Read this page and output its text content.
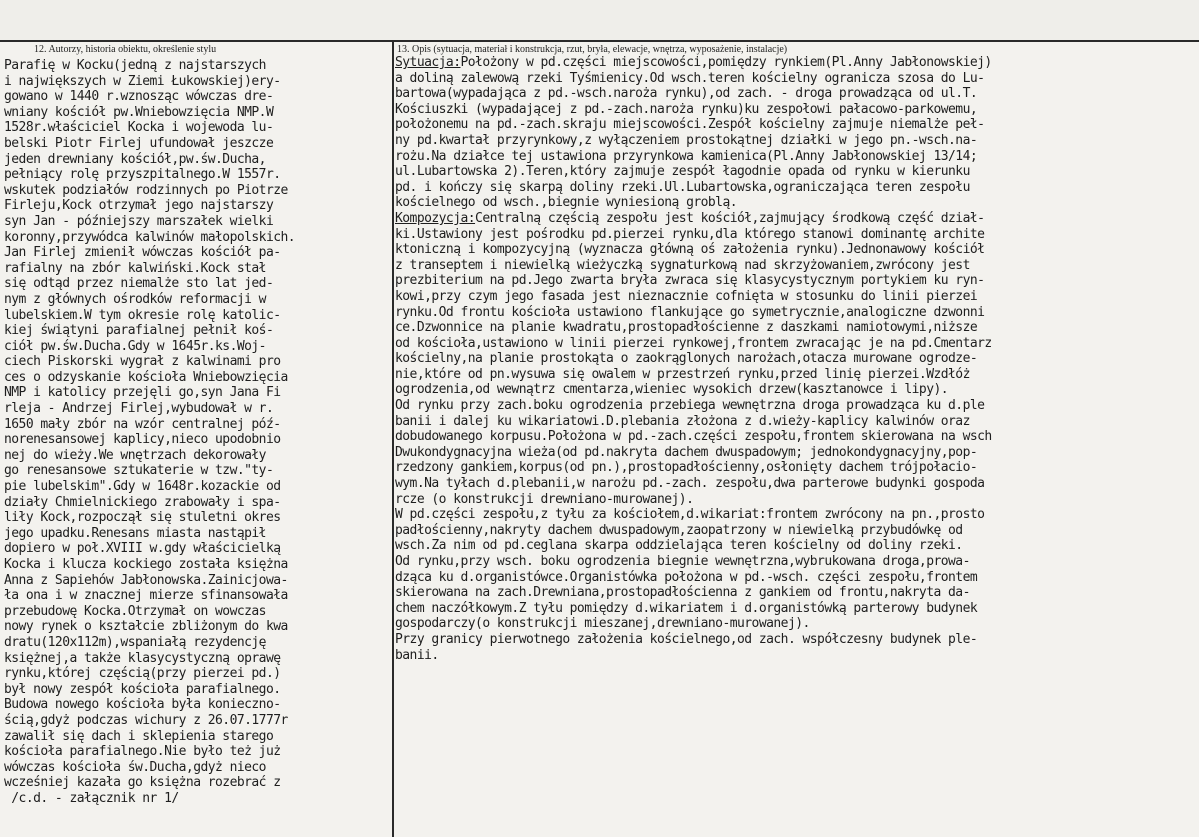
12. Autorzy, historia obiektu, określenie stylu	13. Opis (sytuacja, materiał i konstrukcja, rzut, bryła, elewacje, wnętrza, wyposażenie, instalacje)
Parafię w Kocku(jedną z najstarszych
i największych w Ziemi Łukowskiej)ery-
gowano w 1440 r.wznosząc wówczas dre-
wniany kościół pw.Wniebowzięcia NMP.W
1528r.właściciel Kocka i wojewoda lu-
belski Piotr Firlej ufundował jeszcze
jeden drewniany kościół,pw.św.Ducha,
pełniący rolę przyszpitalnego.W 1557r.
wskutek podziałów rodzinnych po Piotrze
Firleju,Kock otrzymał jego najstarszy
syn Jan - późniejszy marszałek wielki
koronny,przywódca kalwinów małopolskich.
Jan Firlej zmienił wówczas kościół pa-
rafialny na zbór kalwiński.Kock stał
się odtąd przez niemalże sto lat jed-
nym z głównych ośrodków reformacji w
lubelskiem.W tym okresie rolę katolic-
kiej świątyni parafialnej pełnił koś-
ciół pw.św.Ducha.Gdy w 1645r.ks.Woj-
ciech Piskorski wygrał z kalwinami pro
ces o odzyskanie kościoła Wniebowzięcia
NMP i katolicy przejęli go,syn Jana Fi
rleja - Andrzej Firlej,wybudował w r.
1650 mały zbór na wzór centralnej póź-
norenesansowej kaplicy,nieco upodobnio
nej do wieży.We wnętrzach dekorowały
go renesansowe sztukaterie w tzw."ty-
pie lubelskim".Gdy w 1648r.kozackie od
działy Chmielnickiego zrabowały i spa-
liły Kock,rozpoczął się stuletni okres
jego upadku.Renesans miasta nastąpił
dopiero w poł.XVIII w.gdy właścicielką
Kocka i klucza kockiego została księżna
Anna z Sapiehów Jabłonowska.Zainicjowa-
ła ona i w znacznej mierze sfinansowała
przebudowę Kocka.Otrzymał on wowczas
nowy rynek o kształcie zbliżonym do kwa
dratu(120x112m),wspaniałą rezydencję
księżnej,a także klasycystyczną oprawę
rynku,której częścią(przy pierzei pd.)
był nowy zespół kościoła parafialnego.
Budowa nowego kościoła była konieczno-
ścią,gdyż podczas wichury z 26.07.1777r
zawalił się dach i sklepienia starego
kościoła parafialnego.Nie było też już
wówczas kościoła św.Ducha,gdyż nieco
wcześniej kazała go księżna rozebrać z
/c.d. - załącznik nr 1/
Sytuacja:Położony w pd.części miejscowości,pomiędzy rynkiem(Pl.Anny Jabłonowskiej)
a doliną zalewową rzeki Tyśmienicy.Od wsch.teren kościelny ogranicza szosa do Lu-
bartowa(wypadająca z pd.-wsch.naroża rynku),od zach. - droga prowadząca od ul.T.
Kościuszki (wypadającej z pd.-zach.naroża rynku)ku zespołowi pałacowo-parkowemu,
położonemu na pd.-zach.skraju miejscowości.Zespół kościelny zajmuje niemalże peł-
ny pd.kwartał przyrynkowy,z wyłączeniem prostokątnej działki w jego pn.-wsch.na-
rożu.Na działce tej ustawiona przyrynkowa kamienica(Pl.Anny Jabłonowskiej 13/14;
ul.Lubartowska 2).Teren,który zajmuje zespół łagodnie opada od rynku w kierunku
pd. i kończy się skarpą doliny rzeki.Ul.Lubartowska,ograniczająca teren zespołu
kościelnego od wsch.,biegnie wyniesioną groblą.
Kompozycja:Centralną częścią zespołu jest kościół,zajmujący środkową część dział-
ki.Ustawiony jest pośrodku pd.pierzei rynku,dla którego stanowi dominantę archite
ktoniczną i kompozycyjną (wyznacza główną oś założenia rynku).Jednonawowy kościół
z transeptem i niewielką wieżyczką sygnaturkową nad skrzyżowaniem,zwrócony jest
prezbiterium na pd.Jego zwarta bryła zwraca się klasycystycznym portykiem ku ryn-
kowi,przy czym jego fasada jest nieznacznie cofnięta w stosunku do linii pierzei
rynku.Od frontu kościoła ustawiono flankujące go symetrycznie,analogiczne dzwonni
ce.Dzwonnice na planie kwadratu,prostopadłościenne z daszkami namiotowymi,niższe
od kościoła,ustawiono w linii pierzei rynkowej,frontem zwracając je na pd.Cmentarz
kościelny,na planie prostokąta o zaokrąglonych narożach,otacza murowane ogrodze-
nie,które od pn.wysuwa się owalem w przestrzeń rynku,przed linię pierzei.Wzdłóż
ogrodzenia,od wewnątrz cmentarza,wieniec wysokich drzew(kasztanowce i lipy).
Od rynku przy zach.boku ogrodzenia przebiega wewnętrzna droga prowadząca ku d.ple
banii i dalej ku wikariatowi.D.plebania złożona z d.wieży-kaplicy kalwinów oraz
dobudowanego korpusu.Położona w pd.-zach.części zespołu,frontem skierowana na wsch
Dwukondygnacyjna wieża(od pd.nakryta dachem dwuspadowym; jednokondygnacyjny,pop-
rzedzony gankiem,korpus(od pn.),prostopadłościenny,osłonięty dachem trójpołacio-
wym.Na tyłach d.plebanii,w narożu pd.-zach. zespołu,dwa parterowe budynki gospoda
rcze (o konstrukcji drewniano-murowanej).
W pd.części zespołu,z tyłu za kościołem,d.wikariat:frontem zwrócony na pn.,prosto
padłościenny,nakryty dachem dwuspadowym,zaopatrzony w niewielką przybudówkę od
wsch.Za nim od pd.ceglana skarpa oddzielająca teren kościelny od doliny rzeki.
Od rynku,przy wsch. boku ogrodzenia biegnie wewnętrzna,wybrukowana droga,prowa-
dząca ku d.organistówce.Organistówka położona w pd.-wsch. części zespołu,frontem
skierowana na zach.Drewniana,prostopadłościenna z gankiem od frontu,nakryta da-
chem naczółkowym.Z tyłu pomiędzy d.wikariatem i d.organistówką parterowy budynek
gospodarczy(o konstrukcji mieszanej,drewniano-murowanej).
Przy granicy pierwotnego założenia kościelnego,od zach. współczesny budynek ple-
banii.
